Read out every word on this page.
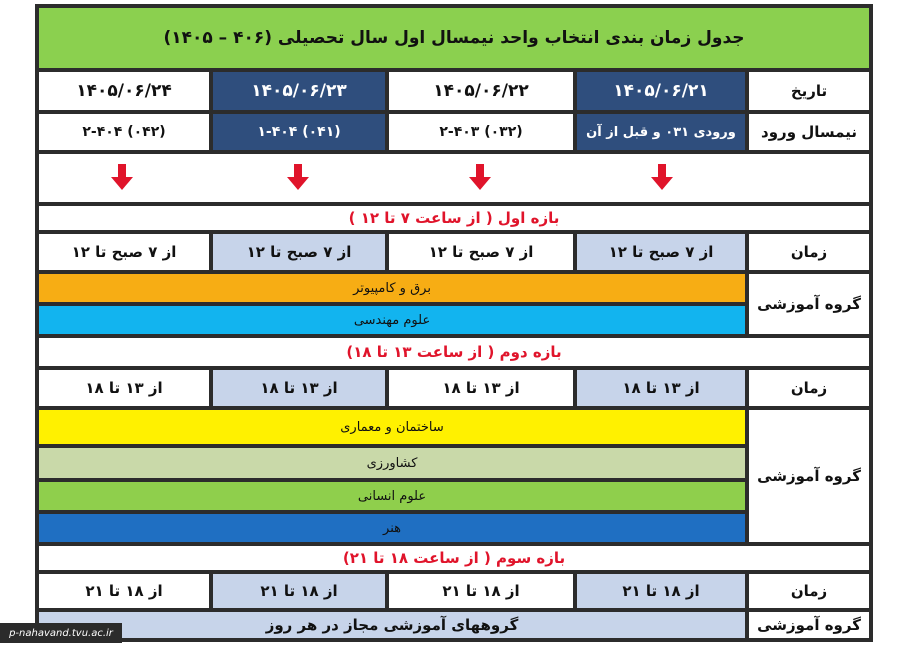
جدول زمان بندی انتخاب واحد نیمسال اول سال تحصیلی (۴۰۶ – ۱۴۰۵)
تاریخ
۱۴۰۵/۰۶/۲۱
۱۴۰۵/۰۶/۲۲
۱۴۰۵/۰۶/۲۳
۱۴۰۵/۰۶/۲۴
نیمسال ورود
ورودی ۰۳۱ و قبل از آن
(۰۳۲) ۲-۴۰۳
(۰۴۱) ۱-۴۰۴
(۰۴۲) ۲-۴۰۴
بازه اول ( از ساعت ۷ تا ۱۲ )
زمان
از ۷ صبح تا ۱۲
از ۷ صبح تا ۱۲
از ۷ صبح تا ۱۲
از ۷ صبح تا ۱۲
گروه آموزشی
برق و کامپیوتر
علوم مهندسی
بازه دوم ( از ساعت ۱۳ تا ۱۸)
زمان
از ۱۳ تا ۱۸
از ۱۳ تا ۱۸
از ۱۳ تا ۱۸
از ۱۳ تا ۱۸
گروه آموزشی
ساختمان و معماری
کشاورزی
علوم انسانی
هنر
بازه سوم ( از ساعت ۱۸ تا ۲۱)
زمان
از ۱۸ تا ۲۱
از ۱۸ تا ۲۱
از ۱۸ تا ۲۱
از ۱۸ تا ۲۱
گروه آموزشی
گروههای آموزشی مجاز در هر روز
p-nahavand.tvu.ac.ir
